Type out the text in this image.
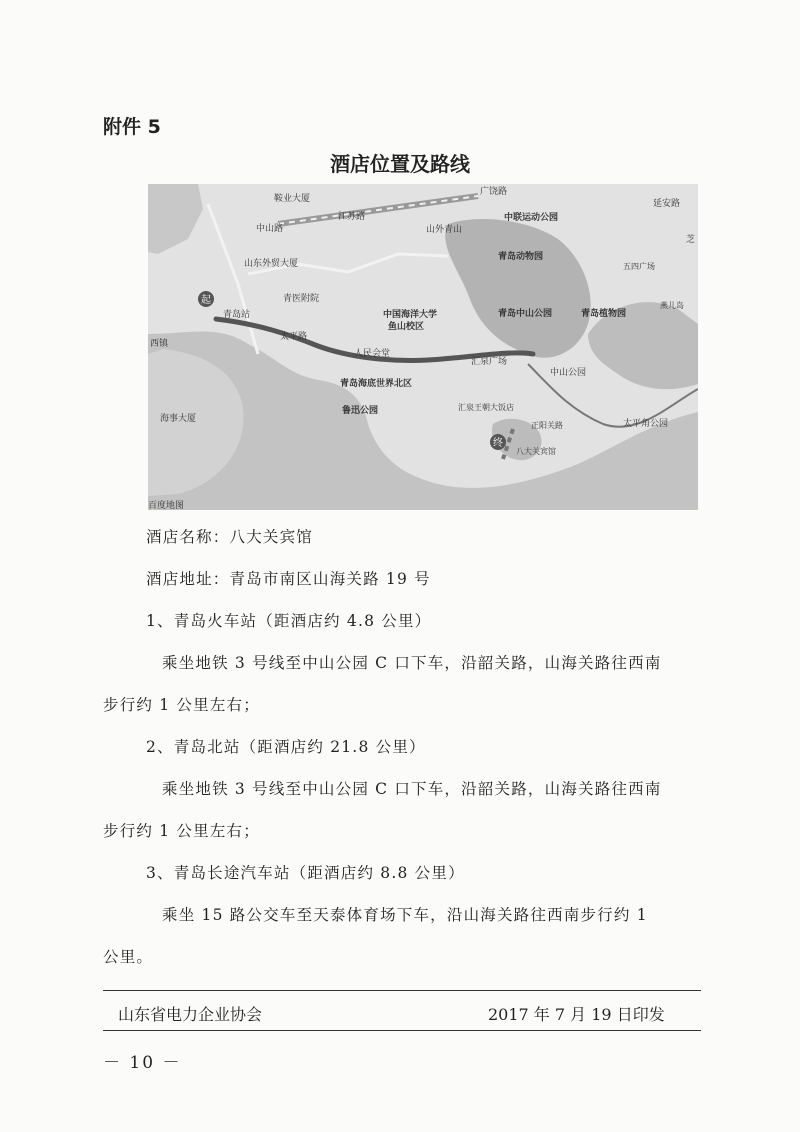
附件 5
酒店位置及路线
起
终
鞍业大厦
广饶路
延安路
江苏路	中联运动公园
中山路	山外青山
山东外贸大厦
青岛动物园
青医附院
中国海洋大学
鱼山校区
青岛中山公园	青岛植物园
青岛站
太平路
西镇
人民会堂
汇泉广场
中山公园
青岛海底世界北区
鲁迅公园	汇泉王朝大饭店
正阳关路	太平角公园
海事大厦
八大关宾馆
五四广场
芝
燕儿岛
百度地图
酒店名称：八大关宾馆
酒店地址：青岛市南区山海关路 19 号
1、青岛火车站（距酒店约 4.8 公里）
乘坐地铁 3 号线至中山公园 C 口下车，沿韶关路，山海关路往西南
步行约 1 公里左右；
2、青岛北站（距酒店约 21.8 公里）
乘坐地铁 3 号线至中山公园 C 口下车，沿韶关路，山海关路往西南
步行约 1 公里左右；
3、青岛长途汽车站（距酒店约 8.8 公里）
乘坐 15 路公交车至天泰体育场下车，沿山海关路往西南步行约 1
公里。
山东省电力企业协会	2017 年 7 月 19 日印发
－ 10 －
